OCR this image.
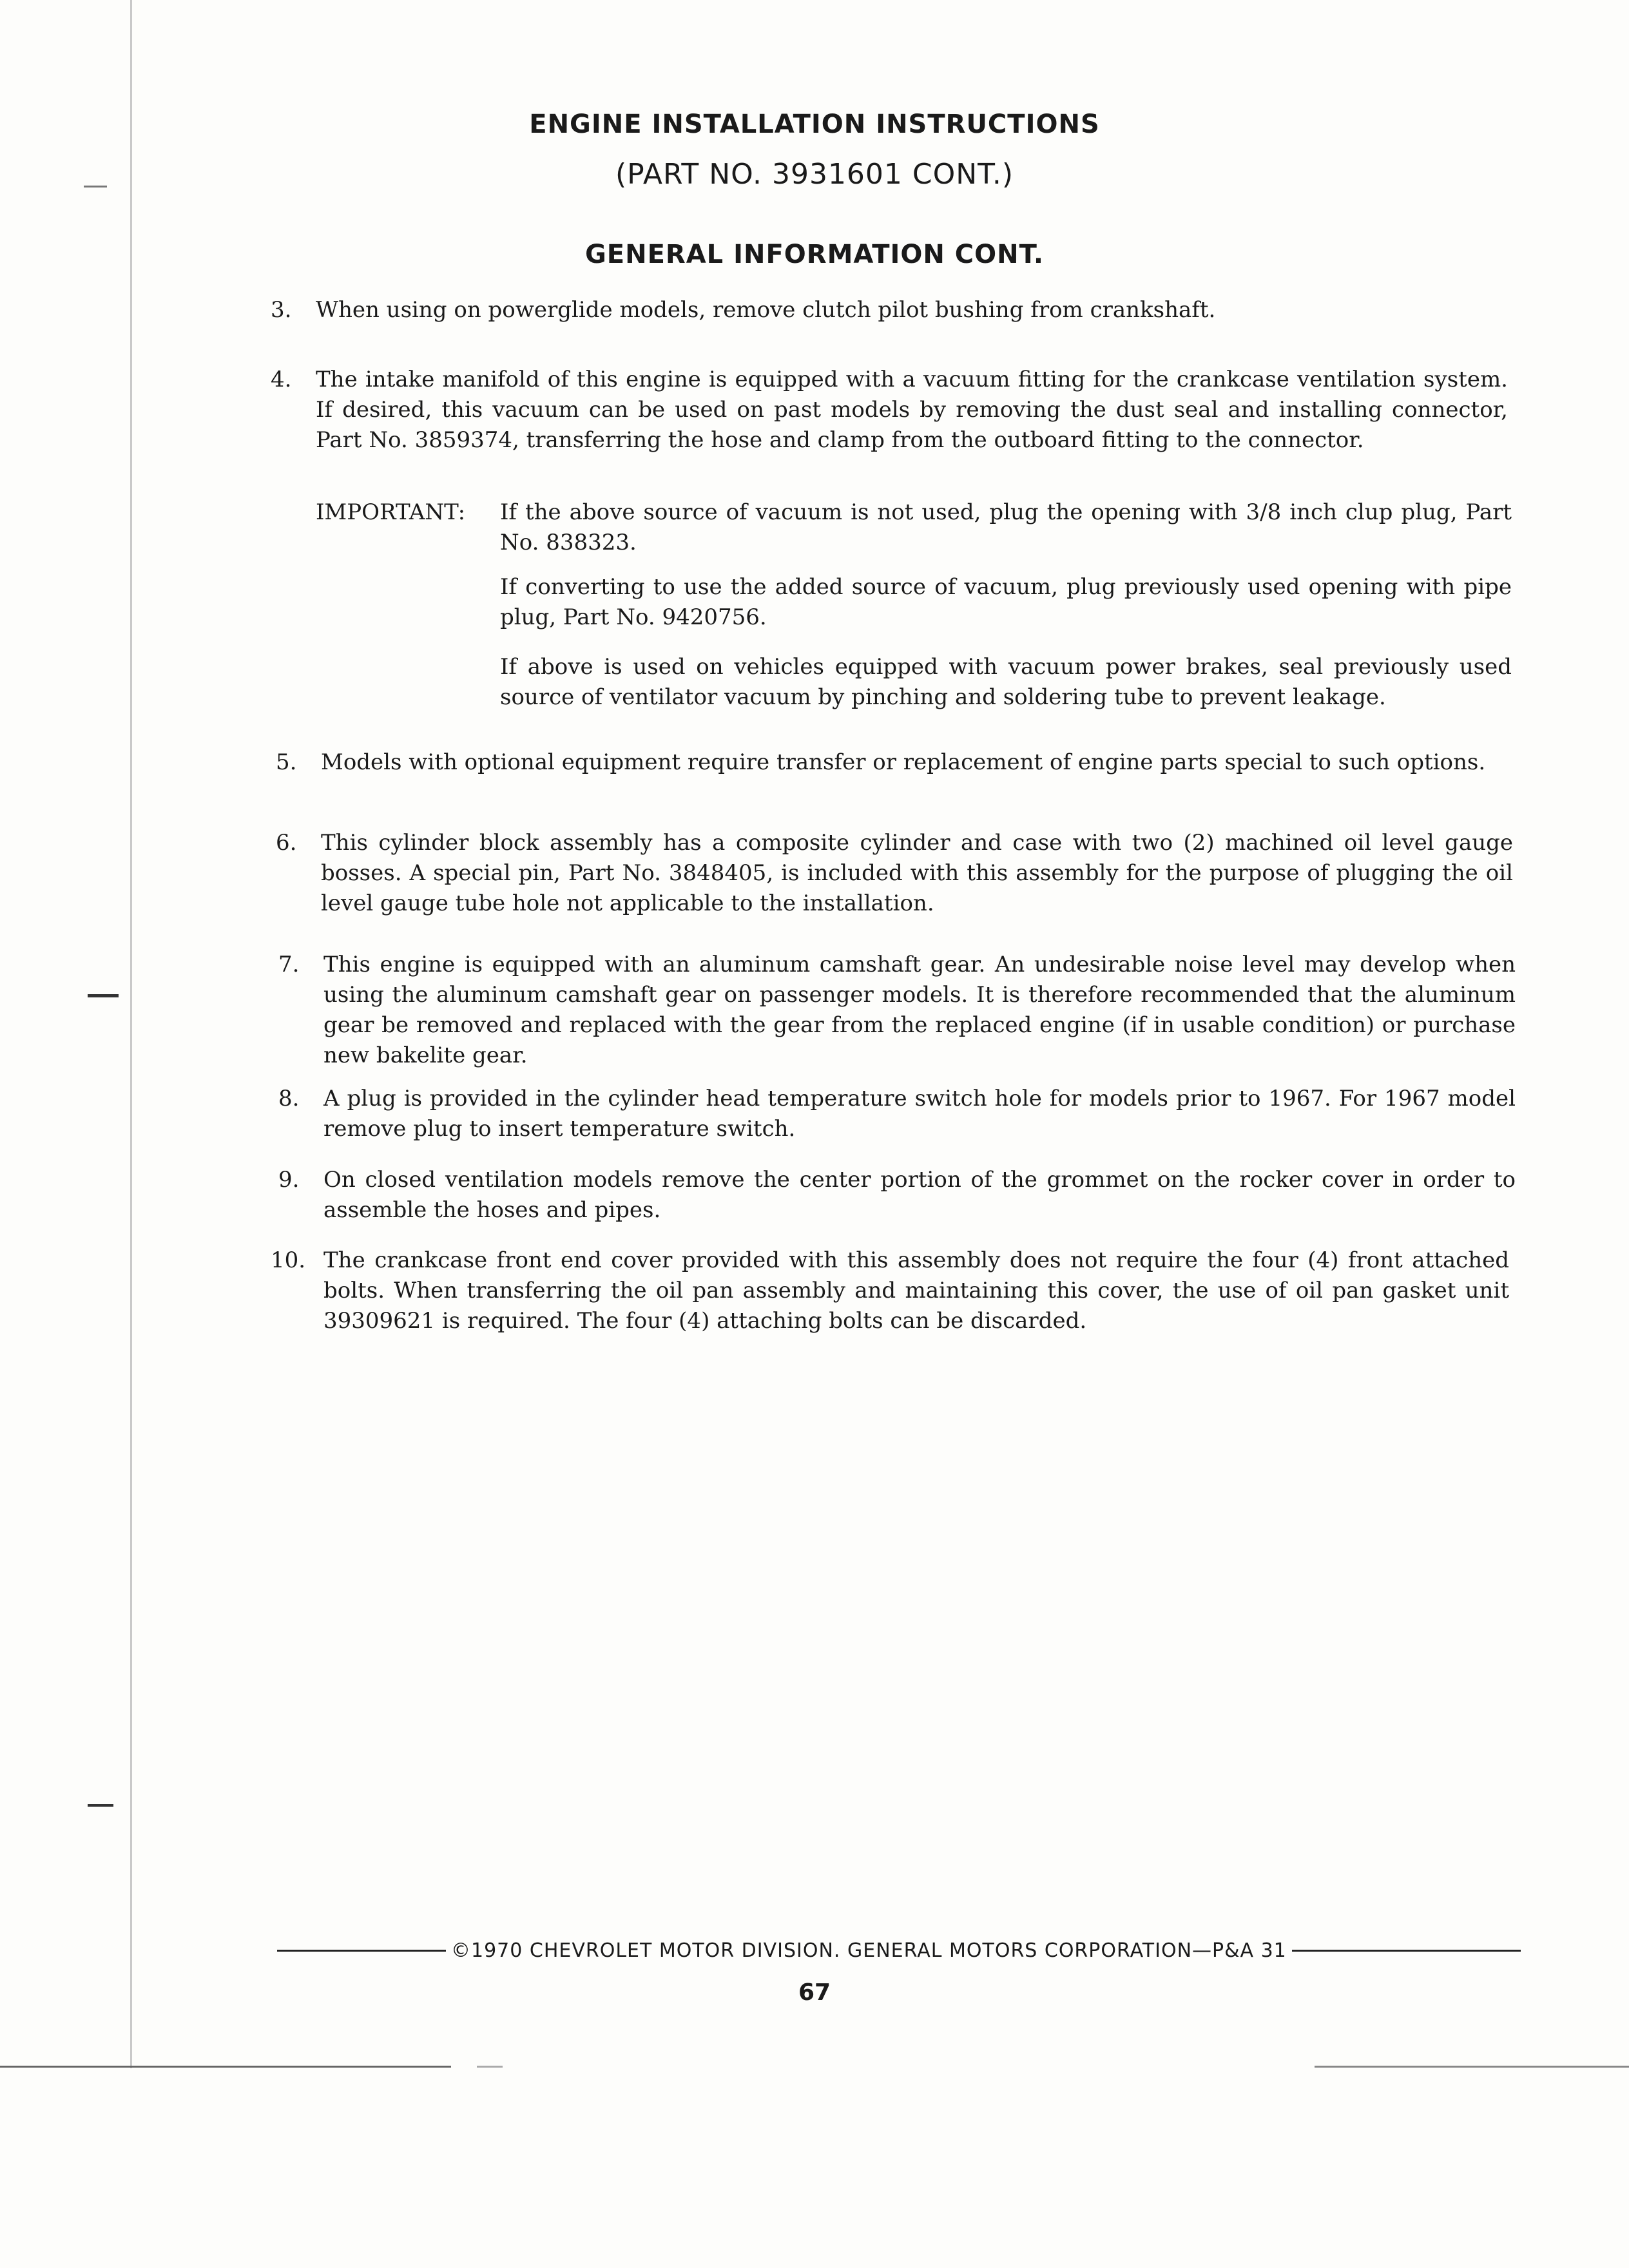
ENGINE INSTALLATION INSTRUCTIONS
(PART NO. 3931601 CONT.)
GENERAL INFORMATION CONT.
3. When using on powerglide models, remove clutch pilot bushing from crankshaft.
4. The intake manifold of this engine is equipped with a vacuum fitting for the crankcase ventilation system. If desired, this vacuum can be used on past models by removing the dust seal and installing connector, Part No. 3859374, transferring the hose and clamp from the outboard fitting to the connector.
IMPORTANT: If the above source of vacuum is not used, plug the opening with 3/8 inch clup plug, Part No. 838323.
If converting to use the added source of vacuum, plug previously used opening with pipe plug, Part No. 9420756.
If above is used on vehicles equipped with vacuum power brakes, seal previously used source of ventilator vacuum by pinching and soldering tube to prevent leakage.
5. Models with optional equipment require transfer or replacement of engine parts special to such options.
6. This cylinder block assembly has a composite cylinder and case with two (2) machined oil level gauge bosses. A special pin, Part No. 3848405, is included with this assembly for the purpose of plugging the oil level gauge tube hole not applicable to the installation.
7. This engine is equipped with an aluminum camshaft gear. An undesirable noise level may develop when using the aluminum camshaft gear on passenger models. It is therefore recommended that the aluminum gear be removed and replaced with the gear from the replaced engine (if in usable condition) or purchase new bakelite gear.
8. A plug is provided in the cylinder head temperature switch hole for models prior to 1967. For 1967 model remove plug to insert temperature switch.
9. On closed ventilation models remove the center portion of the grommet on the rocker cover in order to assemble the hoses and pipes.
10. The crankcase front end cover provided with this assembly does not require the four (4) front attached bolts. When transferring the oil pan assembly and maintaining this cover, the use of oil pan gasket unit 39309621 is required. The four (4) attaching bolts can be discarded.
©1970 CHEVROLET MOTOR DIVISION. GENERAL MOTORS CORPORATION—P&A 31
67
